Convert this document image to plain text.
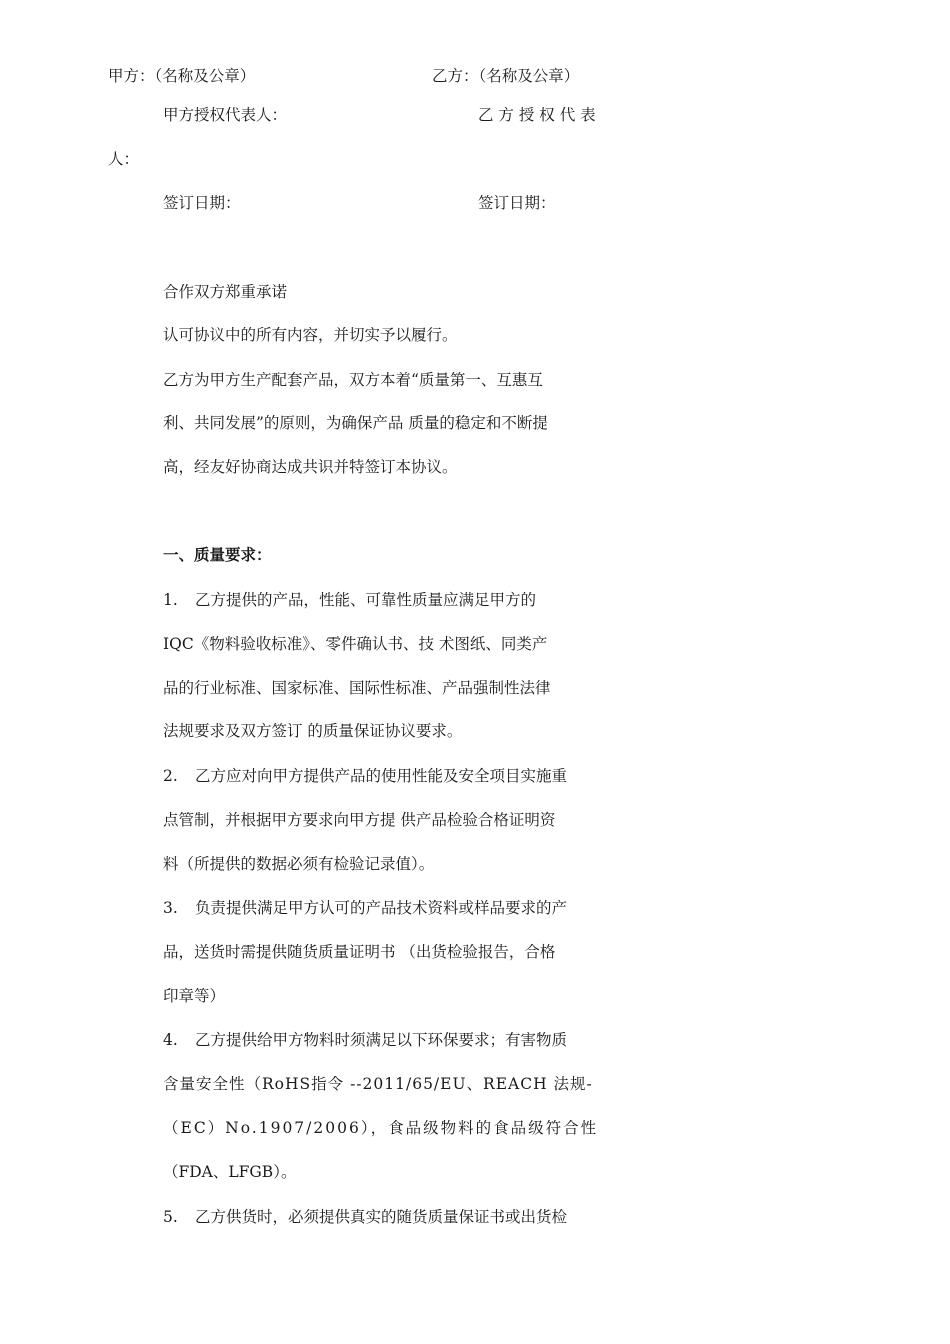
甲方：（名称及公章）	乙方：（名称及公章）
甲方授权代表人：	乙 方 授 权 代 表
人：
签订日期：	签订日期：
合作双方郑重承诺
认可协议中的所有内容，并切实予以履行。
乙方为甲方生产配套产品，双方本着“质量第一、互惠互
利、共同发展”的原则，为确保产品 质量的稳定和不断提
高，经友好协商达成共识并特签订本协议。
一、质量要求：
1. 乙方提供的产品，性能、可靠性质量应满足甲方的
IQC《物料验收标准》、零件确认书、技 术图纸、同类产
品的行业标准、国家标准、国际性标准、产品强制性法律
法规要求及双方签订 的质量保证协议要求。
2. 乙方应对向甲方提供产品的使用性能及安全项目实施重
点管制，并根据甲方要求向甲方提 供产品检验合格证明资
料（所提供的数据必须有检验记录值）。
3. 负责提供满足甲方认可的产品技术资料或样品要求的产
品，送货时需提供随货质量证明书 （出货检验报告，合格
印章等）
4. 乙方提供给甲方物料时须满足以下环保要求；有害物质
含量安全性（RoHS指令 --2011/65/EU、REACH 法规-
（EC）No.1907/2006），食品级物料的食品级符合性
（FDA、LFGB）。
5. 乙方供货时，必须提供真实的随货质量保证书或出货检
